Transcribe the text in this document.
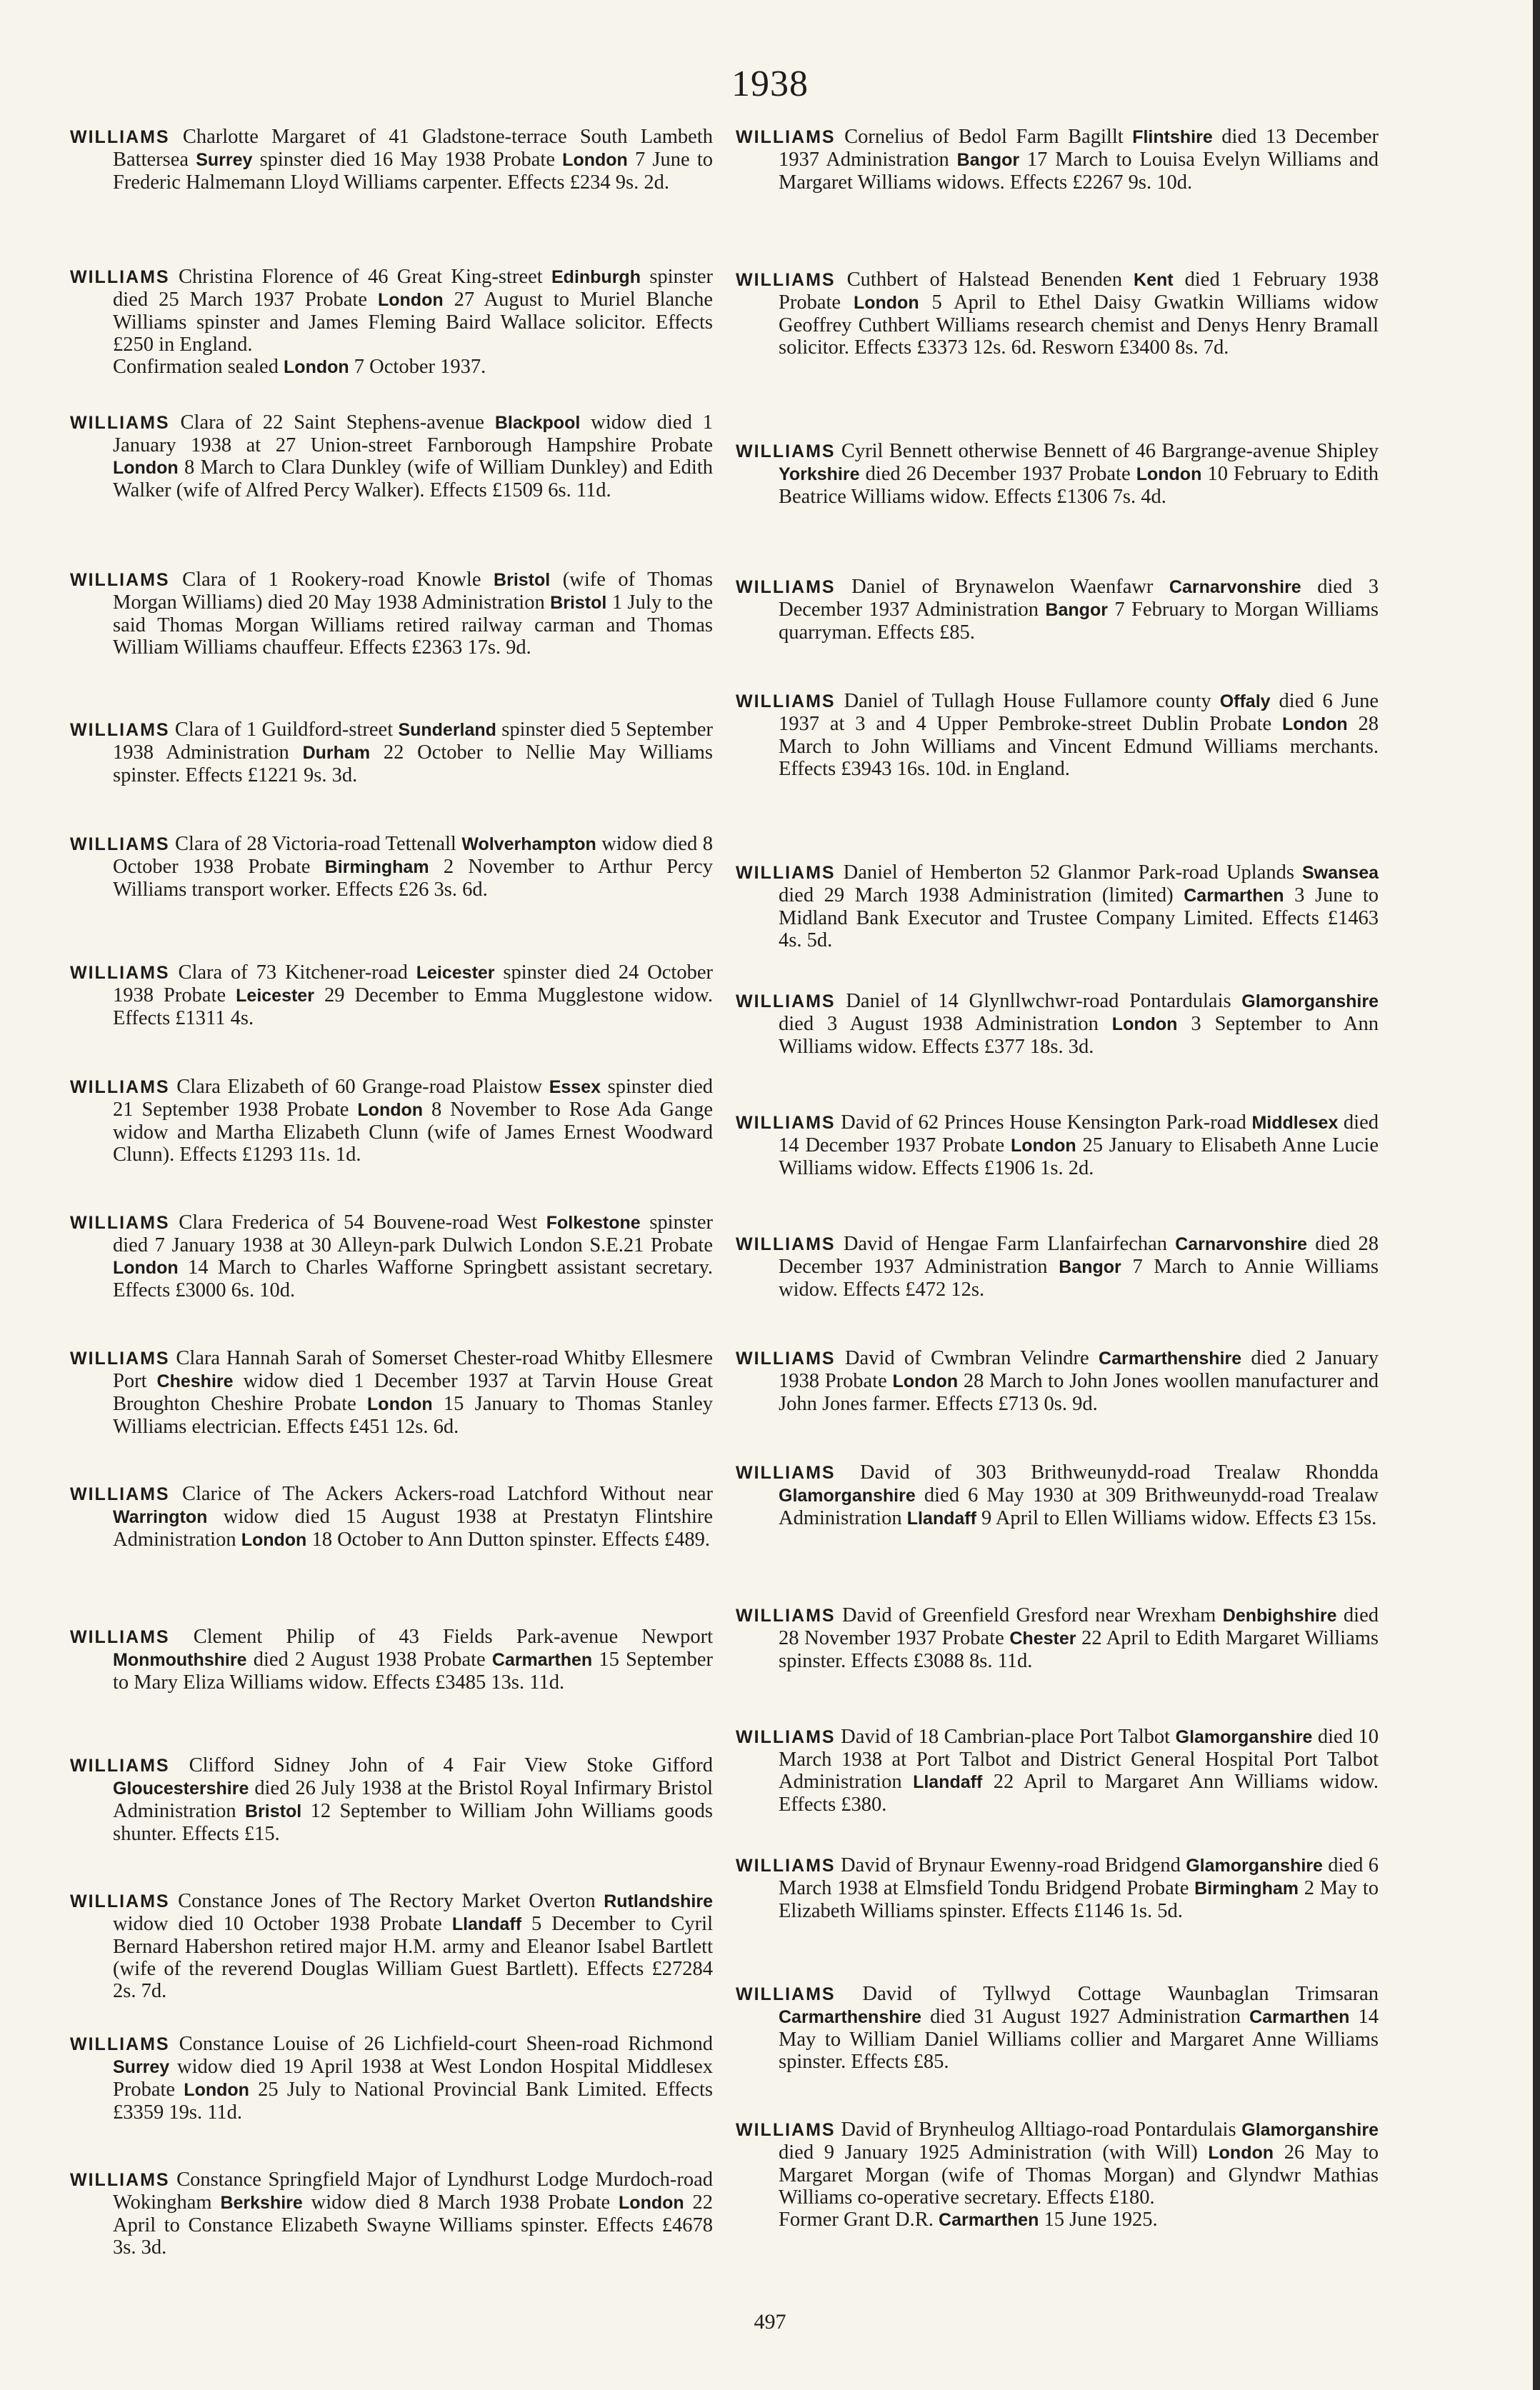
1938
WILLIAMS Charlotte Margaret of 41 Gladstone-terrace South Lambeth Battersea Surrey spinster died 16 May 1938 Probate London 7 June to Frederic Halmemann Lloyd Williams carpenter. Effects £234 9s. 2d.
WILLIAMS Christina Florence of 46 Great King-street Edinburgh spinster died 25 March 1937 Probate London 27 August to Muriel Blanche Williams spinster and James Fleming Baird Wallace solicitor. Effects £250 in England.
Confirmation sealed London 7 October 1937.
WILLIAMS Clara of 22 Saint Stephens-avenue Blackpool widow died 1 January 1938 at 27 Union-street Farnborough Hampshire Probate London 8 March to Clara Dunkley (wife of William Dunkley) and Edith Walker (wife of Alfred Percy Walker). Effects £1509 6s. 11d.
WILLIAMS Clara of 1 Rookery-road Knowle Bristol (wife of Thomas Morgan Williams) died 20 May 1938 Administration Bristol 1 July to the said Thomas Morgan Williams retired railway carman and Thomas William Williams chauffeur. Effects £2363 17s. 9d.
WILLIAMS Clara of 1 Guildford-street Sunderland spinster died 5 September 1938 Administration Durham 22 October to Nellie May Williams spinster. Effects £1221 9s. 3d.
WILLIAMS Clara of 28 Victoria-road Tettenall Wolverhampton widow died 8 October 1938 Probate Birmingham 2 November to Arthur Percy Williams transport worker. Effects £26 3s. 6d.
WILLIAMS Clara of 73 Kitchener-road Leicester spinster died 24 October 1938 Probate Leicester 29 December to Emma Mugglestone widow. Effects £1311 4s.
WILLIAMS Clara Elizabeth of 60 Grange-road Plaistow Essex spinster died 21 September 1938 Probate London 8 November to Rose Ada Gange widow and Martha Elizabeth Clunn (wife of James Ernest Woodward Clunn). Effects £1293 11s. 1d.
WILLIAMS Clara Frederica of 54 Bouvene-road West Folkestone spinster died 7 January 1938 at 30 Alleyn-park Dulwich London S.E.21 Probate London 14 March to Charles Wafforne Springbett assistant secretary. Effects £3000 6s. 10d.
WILLIAMS Clara Hannah Sarah of Somerset Chester-road Whitby Ellesmere Port Cheshire widow died 1 December 1937 at Tarvin House Great Broughton Cheshire Probate London 15 January to Thomas Stanley Williams electrician. Effects £451 12s. 6d.
WILLIAMS Clarice of The Ackers Ackers-road Latchford Without near Warrington widow died 15 August 1938 at Prestatyn Flintshire Administration London 18 October to Ann Dutton spinster. Effects £489.
WILLIAMS Clement Philip of 43 Fields Park-avenue Newport Monmouthshire died 2 August 1938 Probate Carmarthen 15 September to Mary Eliza Williams widow. Effects £3485 13s. 11d.
WILLIAMS Clifford Sidney John of 4 Fair View Stoke Gifford Gloucestershire died 26 July 1938 at the Bristol Royal Infirmary Bristol Administration Bristol 12 September to William John Williams goods shunter. Effects £15.
WILLIAMS Constance Jones of The Rectory Market Overton Rutlandshire widow died 10 October 1938 Probate Llandaff 5 December to Cyril Bernard Habershon retired major H.M. army and Eleanor Isabel Bartlett (wife of the reverend Douglas William Guest Bartlett). Effects £27284 2s. 7d.
WILLIAMS Constance Louise of 26 Lichfield-court Sheen-road Richmond Surrey widow died 19 April 1938 at West London Hospital Middlesex Probate London 25 July to National Provincial Bank Limited. Effects £3359 19s. 11d.
WILLIAMS Constance Springfield Major of Lyndhurst Lodge Murdoch-road Wokingham Berkshire widow died 8 March 1938 Probate London 22 April to Constance Elizabeth Swayne Williams spinster. Effects £4678 3s. 3d.
WILLIAMS Cornelius of Bedol Farm Bagillt Flintshire died 13 December 1937 Administration Bangor 17 March to Louisa Evelyn Williams and Margaret Williams widows. Effects £2267 9s. 10d.
WILLIAMS Cuthbert of Halstead Benenden Kent died 1 February 1938 Probate London 5 April to Ethel Daisy Gwatkin Williams widow Geoffrey Cuthbert Williams research chemist and Denys Henry Bramall solicitor. Effects £3373 12s. 6d. Resworn £3400 8s. 7d.
WILLIAMS Cyril Bennett otherwise Bennett of 46 Bargrange-avenue Shipley Yorkshire died 26 December 1937 Probate London 10 February to Edith Beatrice Williams widow. Effects £1306 7s. 4d.
WILLIAMS Daniel of Brynawelon Waenfawr Carnarvonshire died 3 December 1937 Administration Bangor 7 February to Morgan Williams quarryman. Effects £85.
WILLIAMS Daniel of Tullagh House Fullamore county Offaly died 6 June 1937 at 3 and 4 Upper Pembroke-street Dublin Probate London 28 March to John Williams and Vincent Edmund Williams merchants. Effects £3943 16s. 10d. in England.
WILLIAMS Daniel of Hemberton 52 Glanmor Park-road Uplands Swansea died 29 March 1938 Administration (limited) Carmarthen 3 June to Midland Bank Executor and Trustee Company Limited. Effects £1463 4s. 5d.
WILLIAMS Daniel of 14 Glynllwchwr-road Pontardulais Glamorganshire died 3 August 1938 Administration London 3 September to Ann Williams widow. Effects £377 18s. 3d.
WILLIAMS David of 62 Princes House Kensington Park-road Middlesex died 14 December 1937 Probate London 25 January to Elisabeth Anne Lucie Williams widow. Effects £1906 1s. 2d.
WILLIAMS David of Hengae Farm Llanfairfechan Carnarvonshire died 28 December 1937 Administration Bangor 7 March to Annie Williams widow. Effects £472 12s.
WILLIAMS David of Cwmbran Velindre Carmarthenshire died 2 January 1938 Probate London 28 March to John Jones woollen manufacturer and John Jones farmer. Effects £713 0s. 9d.
WILLIAMS David of 303 Brithweunydd-road Trealaw Rhondda Glamorganshire died 6 May 1930 at 309 Brithweunydd-road Trealaw Administration Llandaff 9 April to Ellen Williams widow. Effects £3 15s.
WILLIAMS David of Greenfield Gresford near Wrexham Denbighshire died 28 November 1937 Probate Chester 22 April to Edith Margaret Williams spinster. Effects £3088 8s. 11d.
WILLIAMS David of 18 Cambrian-place Port Talbot Glamorganshire died 10 March 1938 at Port Talbot and District General Hospital Port Talbot Administration Llandaff 22 April to Margaret Ann Williams widow. Effects £380.
WILLIAMS David of Brynaur Ewenny-road Bridgend Glamorganshire died 6 March 1938 at Elmsfield Tondu Bridgend Probate Birmingham 2 May to Elizabeth Williams spinster. Effects £1146 1s. 5d.
WILLIAMS David of Tyllwyd Cottage Waunbaglan Trimsaran Carmarthenshire died 31 August 1927 Administration Carmarthen 14 May to William Daniel Williams collier and Margaret Anne Williams spinster. Effects £85.
WILLIAMS David of Brynheulog Alltiago-road Pontardulais Glamorganshire died 9 January 1925 Administration (with Will) London 26 May to Margaret Morgan (wife of Thomas Morgan) and Glyndwr Mathias Williams co-operative secretary. Effects £180.
Former Grant D.R. Carmarthen 15 June 1925.
497
